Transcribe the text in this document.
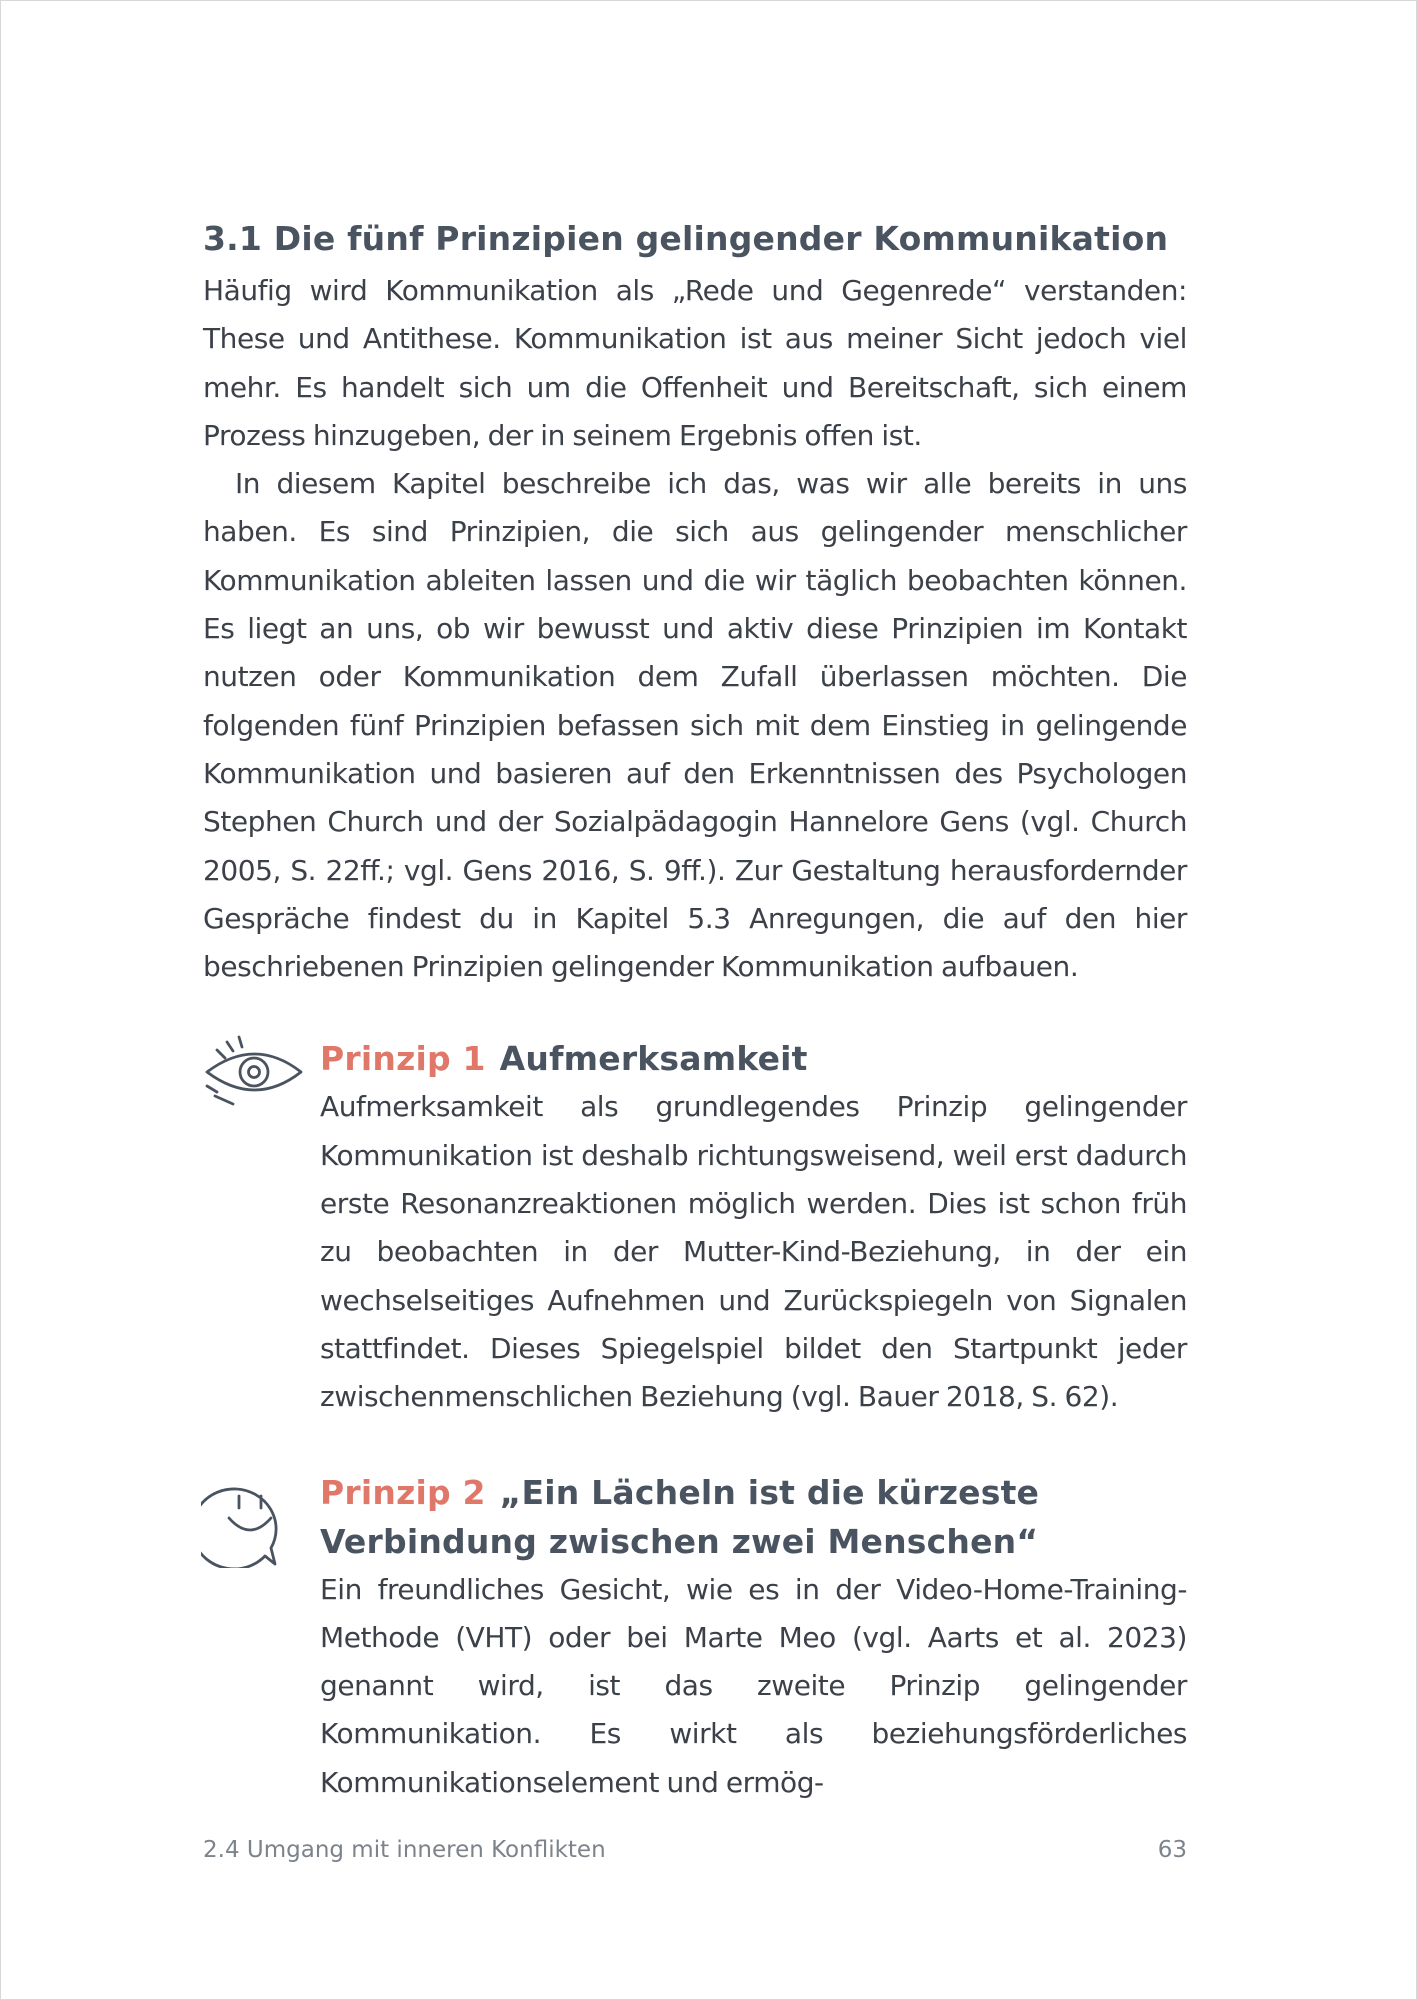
3.1 Die fünf Prinzipien gelingender Kommunikation

Häufig wird Kommunikation als „Rede und Gegenrede“ verstanden: These und Antithese. Kommunikation ist aus meiner Sicht jedoch viel mehr. Es handelt sich um die Offenheit und Bereitschaft, sich einem Prozess hinzugeben, der in seinem Ergebnis offen ist.

In diesem Kapitel beschreibe ich das, was wir alle bereits in uns haben. Es sind Prinzipien, die sich aus gelingender menschlicher Kommunikation ableiten lassen und die wir täglich beobachten können. Es liegt an uns, ob wir bewusst und aktiv diese Prinzipien im Kontakt nutzen oder Kommunikation dem Zufall überlassen möchten. Die folgenden fünf Prinzipien befassen sich mit dem Einstieg in gelingende Kommunikation und basieren auf den Erkenntnissen des Psychologen Stephen Church und der Sozialpädagogin Hannelore Gens (vgl. Church 2005, S. 22ff.; vgl. Gens 2016, S. 9ff.). Zur Gestaltung herausfordernder Gespräche findest du in Kapitel 5.3 Anregungen, die auf den hier beschriebenen Prinzipien gelingender Kommunikation aufbauen.

Prinzip 1 Aufmerksamkeit

Aufmerksamkeit als grundlegendes Prinzip gelingender Kommunikation ist deshalb richtungsweisend, weil erst dadurch erste Resonanzreaktionen möglich werden. Dies ist schon früh zu beobachten in der Mutter-Kind-Beziehung, in der ein wechselseitiges Aufnehmen und Zurückspiegeln von Signalen stattfindet. Dieses Spiegelspiel bildet den Startpunkt jeder zwischenmenschlichen Beziehung (vgl. Bauer 2018, S. 62).

Prinzip 2 „Ein Lächeln ist die kürzeste Verbindung zwischen zwei Menschen“

Ein freundliches Gesicht, wie es in der Video-Home-Training-Methode (VHT) oder bei Marte Meo (vgl. Aarts et al. 2023) genannt wird, ist das zweite Prinzip gelingender Kommunikation. Es wirkt als beziehungsförderliches Kommunikationselement und ermög-

2.4 Umgang mit inneren Konflikten	63
